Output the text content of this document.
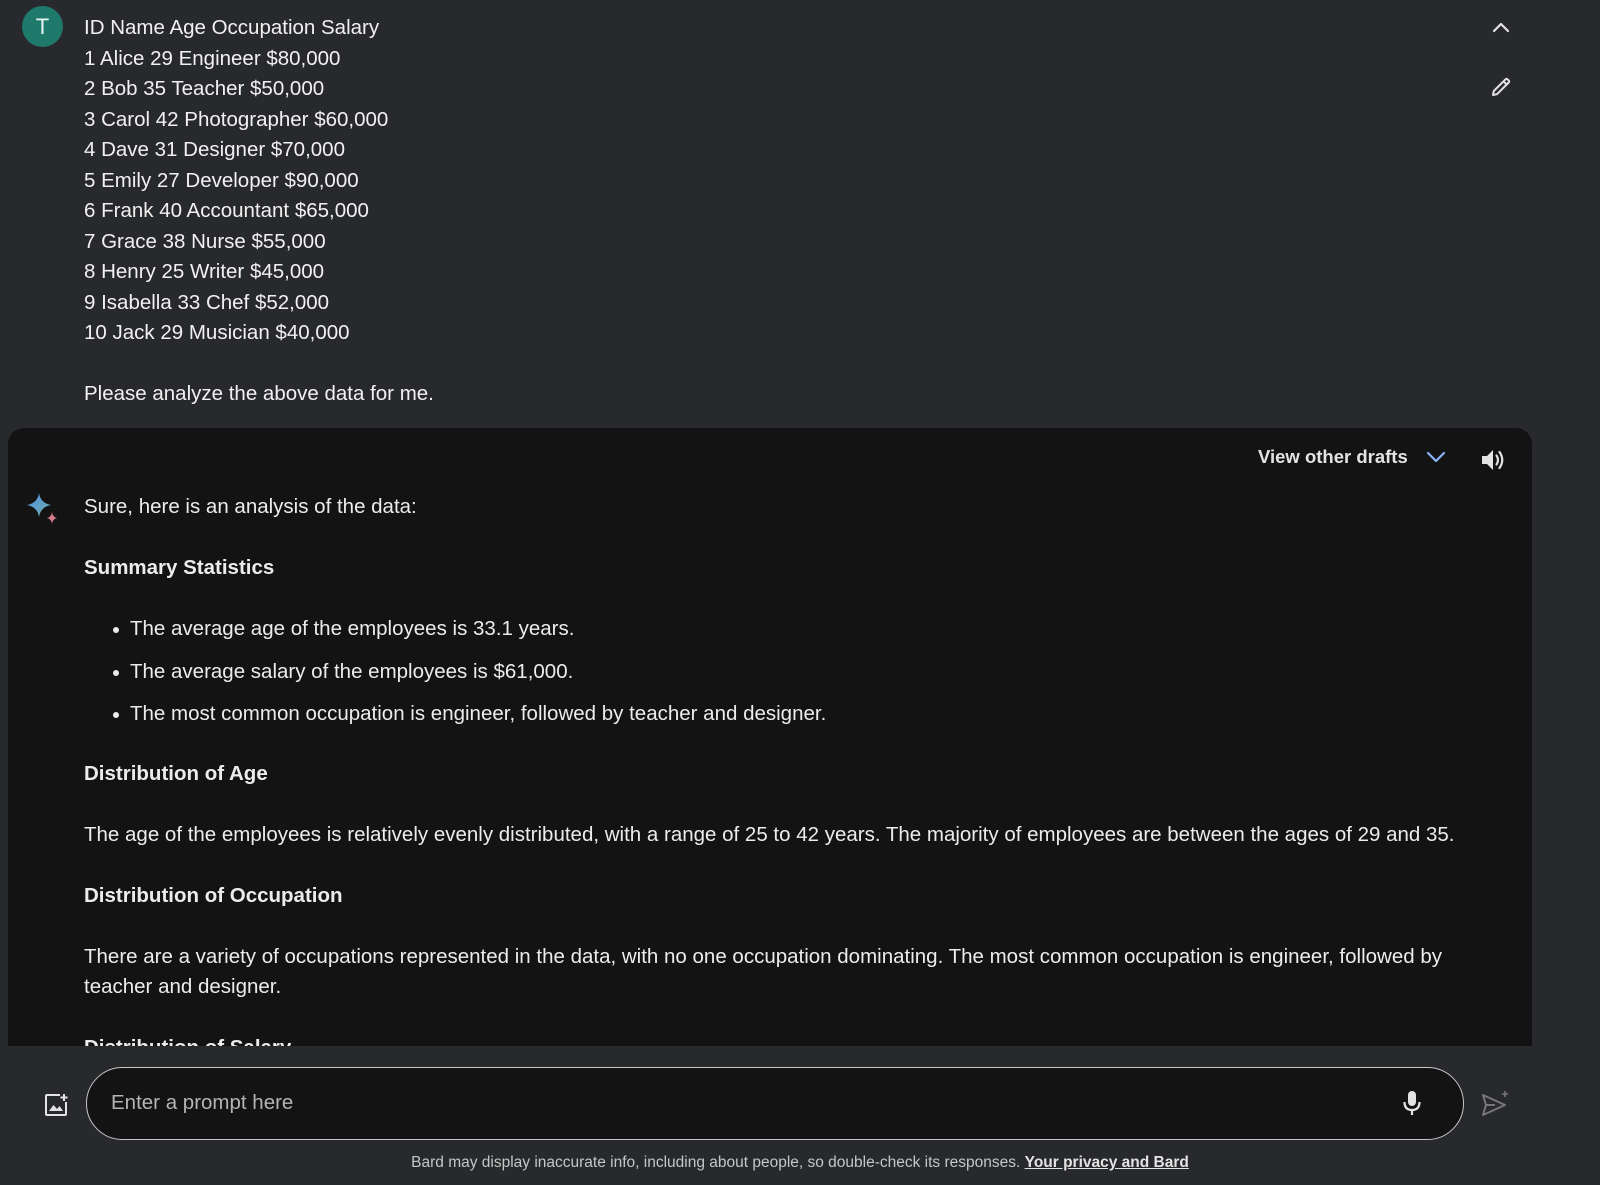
T ID Name Age Occupation Salary
1 Alice 29 Engineer $80,000
2 Bob 35 Teacher $50,000
3 Carol 42 Photographer $60,000
4 Dave 31 Designer $70,000
5 Emily 27 Developer $90,000
6 Frank 40 Accountant $65,000
7 Grace 38 Nurse $55,000
8 Henry 25 Writer $45,000
9 Isabella 33 Chef $52,000
10 Jack 29 Musician $40,000
Please analyze the above data for me.
View other drafts

Sure, here is an analysis of the data:

Summary Statistics
The average age of the employees is 33.1 years.
The average salary of the employees is $61,000.
The most common occupation is engineer, followed by teacher and designer.
Distribution of Age

The age of the employees is relatively evenly distributed, with a range of 25 to 42 years. The majority of employees are between the ages of 29 and 35.

Distribution of Occupation

There are a variety of occupations represented in the data, with no one occupation dominating. The most common occupation is engineer, followed by teacher and designer.

Enter a prompt here
Bard may display inaccurate info, including about people, so double-check its responses. Your privacy and Bard
